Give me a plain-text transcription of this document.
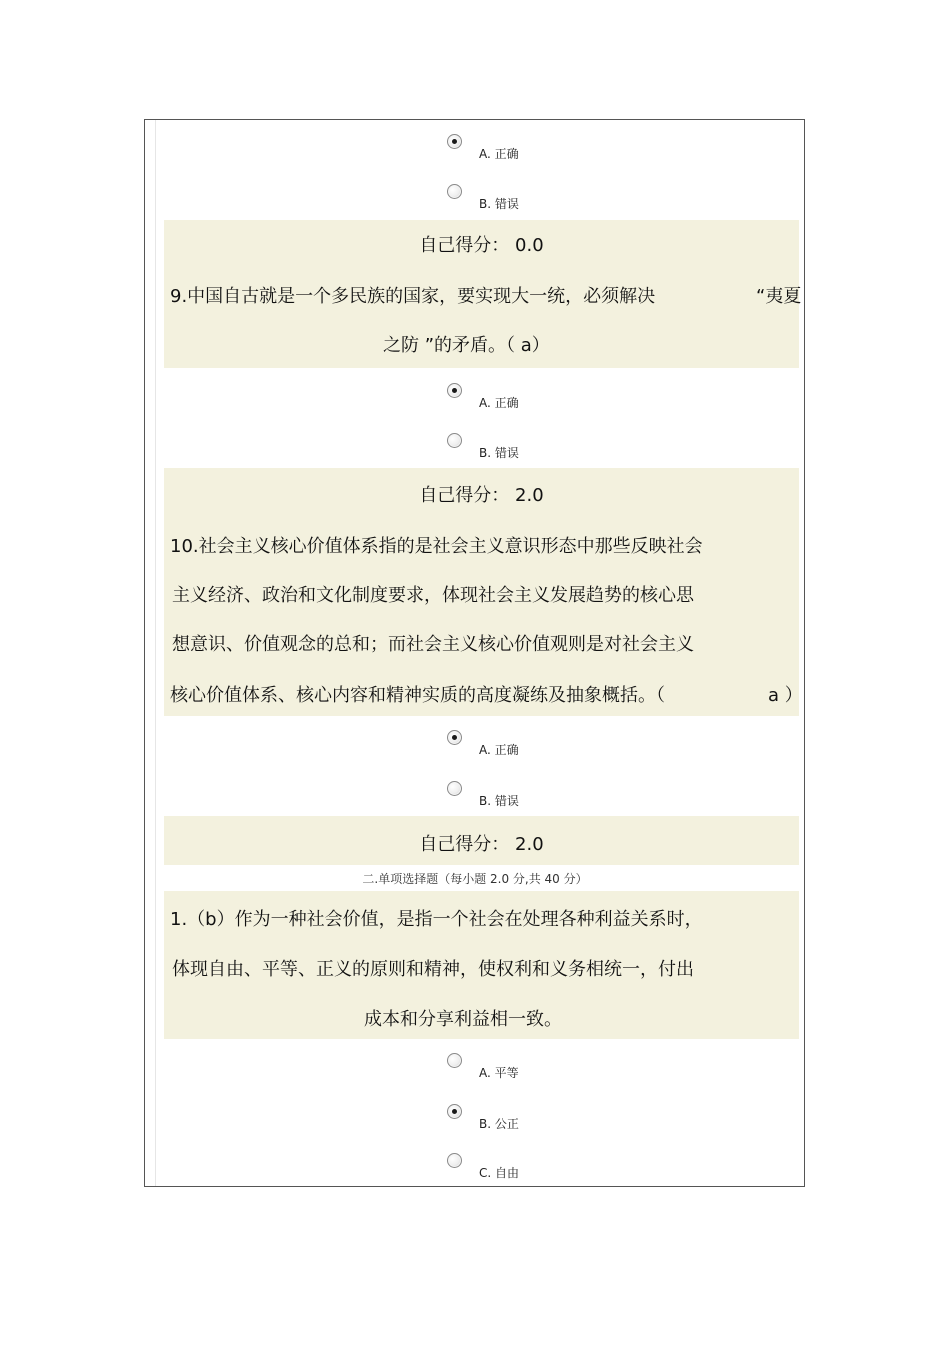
A. 正确
B. 错误
自己得分： 0.0
9.中国自古就是一个多民族的国家，要实现大一统，必须解决	“夷夏
之防 ”的矛盾。（ a）
A. 正确
B. 错误
自己得分： 2.0
10.社会主义核心价值体系指的是社会主义意识形态中那些反映社会
主义经济、政治和文化制度要求，体现社会主义发展趋势的核心思
想意识、价值观念的总和；而社会主义核心价值观则是对社会主义
核心价值体系、核心内容和精神实质的高度凝练及抽象概括。（	a ）
A. 正确
B. 错误
自己得分： 2.0
二.单项选择题（每小题 2.0 分,共 40 分）
1.（b）作为一种社会价值，是指一个社会在处理各种利益关系时，
体现自由、平等、正义的原则和精神，使权利和义务相统一，付出
成本和分享利益相一致。
A. 平等
B. 公正
C. 自由
